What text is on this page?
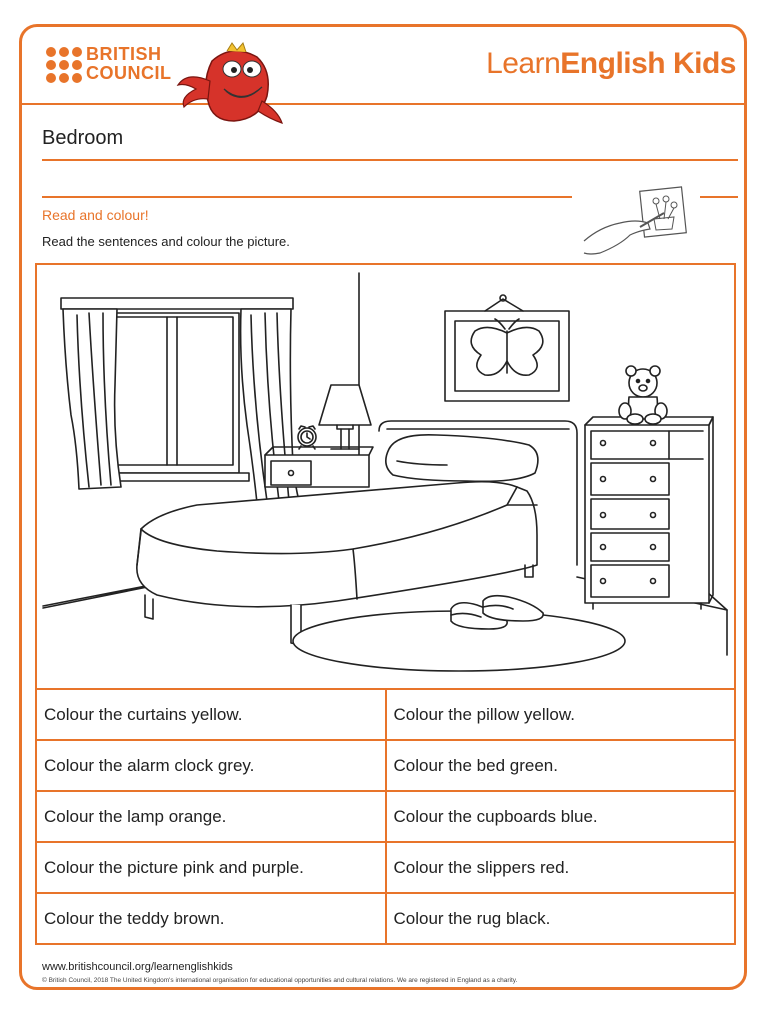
BRITISH
COUNCIL	LearnEnglish Kids
Bedroom
Read and colour!
Read the sentences and colour the picture.
Colour the curtains yellow.	Colour the pillow yellow.
Colour the alarm clock grey.	Colour the bed green.
Colour the lamp orange.	Colour the cupboards blue.
Colour the picture pink and purple.	Colour the slippers red.
Colour the teddy brown.	Colour the rug black.
www.britishcouncil.org/learnenglishkids
© British Council, 2018 The United Kingdom's international organisation for educational opportunities and cultural relations. We are registered in England as a charity.
